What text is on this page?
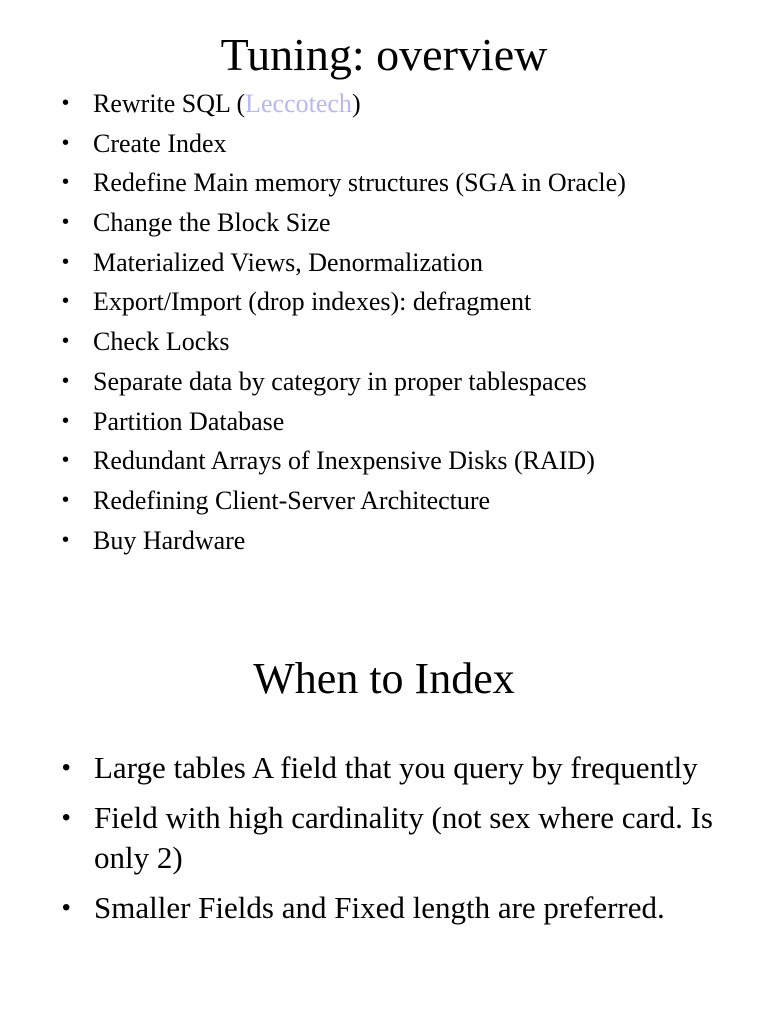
Tuning: overview
• Rewrite SQL (Leccotech)
• Create Index
• Redefine Main memory structures (SGA in Oracle)
• Change the Block Size
• Materialized Views, Denormalization
• Export/Import (drop indexes): defragment
• Check Locks
• Separate data by category in proper tablespaces
• Partition Database
• Redundant Arrays of Inexpensive Disks (RAID)
• Redefining Client-Server Architecture
• Buy Hardware
When to Index
• Large tables A field that you query by frequently
• Field with high cardinality (not sex where card. Is only 2)
• Smaller Fields and Fixed length are preferred.
